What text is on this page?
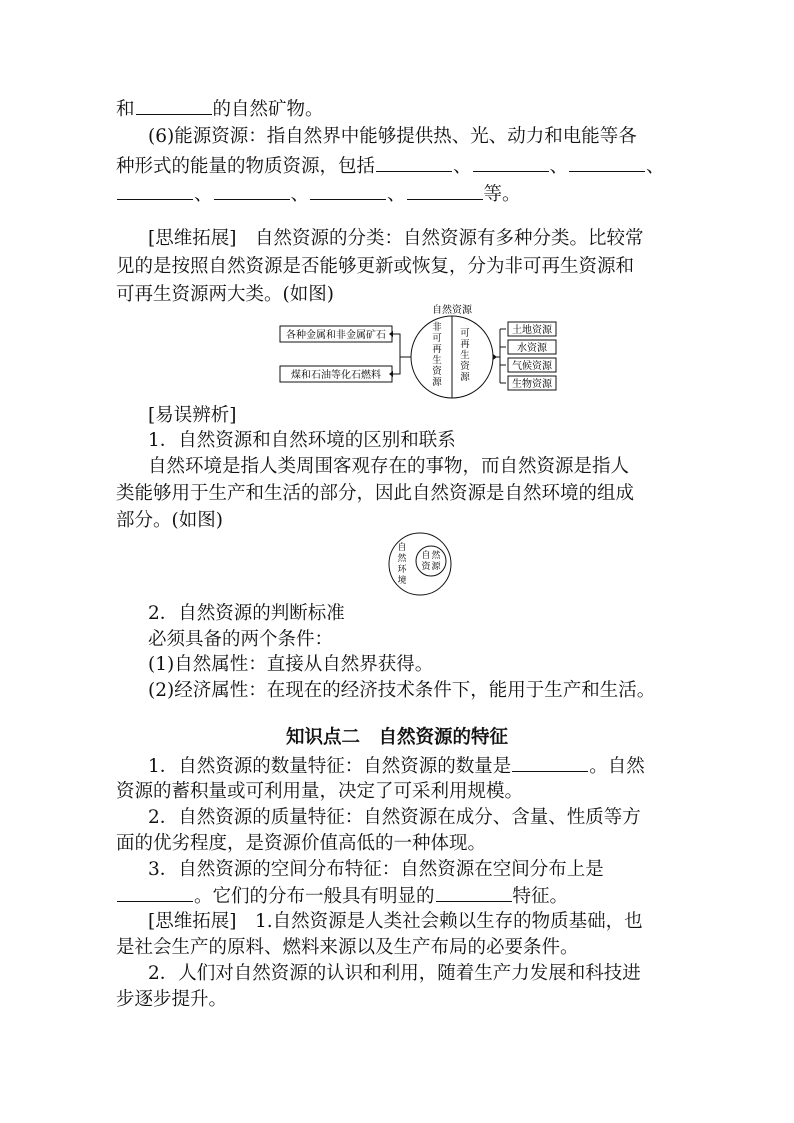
和	的自然矿物。
(6)能源资源：指自然界中能够提供热、光、动力和电能等各
种形式的能量的物质资源，包括	、	、	、
、	、	、	等。
[思维拓展]　 自然资源的分类：自然资源有多种分类。比较常
见的是按照自然资源是否能够更新或恢复，分为非可再生资源和
可再生资源两大类。(如图)
自然资源
非
可
再
生
资
源
可
再
生
资
源
各种金属和非金属矿石
煤和石油等化石燃料
土地资源
水资源
气候资源
生物资源
[易误辨析]
1．自然资源和自然环境的区别和联系
自然环境是指人类周围客观存在的事物，而自然资源是指人
类能够用于生产和生活的部分，因此自然资源是自然环境的组成
部分。(如图)
自
然
环
境
自 然
资 源
2．自然资源的判断标准
必须具备的两个条件：
(1)自然属性：直接从自然界获得。
(2)经济属性：在现在的经济技术条件下，能用于生产和生活。
知识点二　自然资源的特征
1．自然资源的数量特征：自然资源的数量是	。自然
资源的蓄积量或可利用量，决定了可采利用规模。
2．自然资源的质量特征：自然资源在成分、含量、性质等方
面的优劣程度，是资源价值高低的一种体现。
3．自然资源的空间分布特征：自然资源在空间分布上是
。它们的分布一般具有明显的	特征。
[思维拓展]　 1.自然资源是人类社会赖以生存的物质基础，也
是社会生产的原料、燃料来源以及生产布局的必要条件。
2．人们对自然资源的认识和利用，随着生产力发展和科技进
步逐步提升。
